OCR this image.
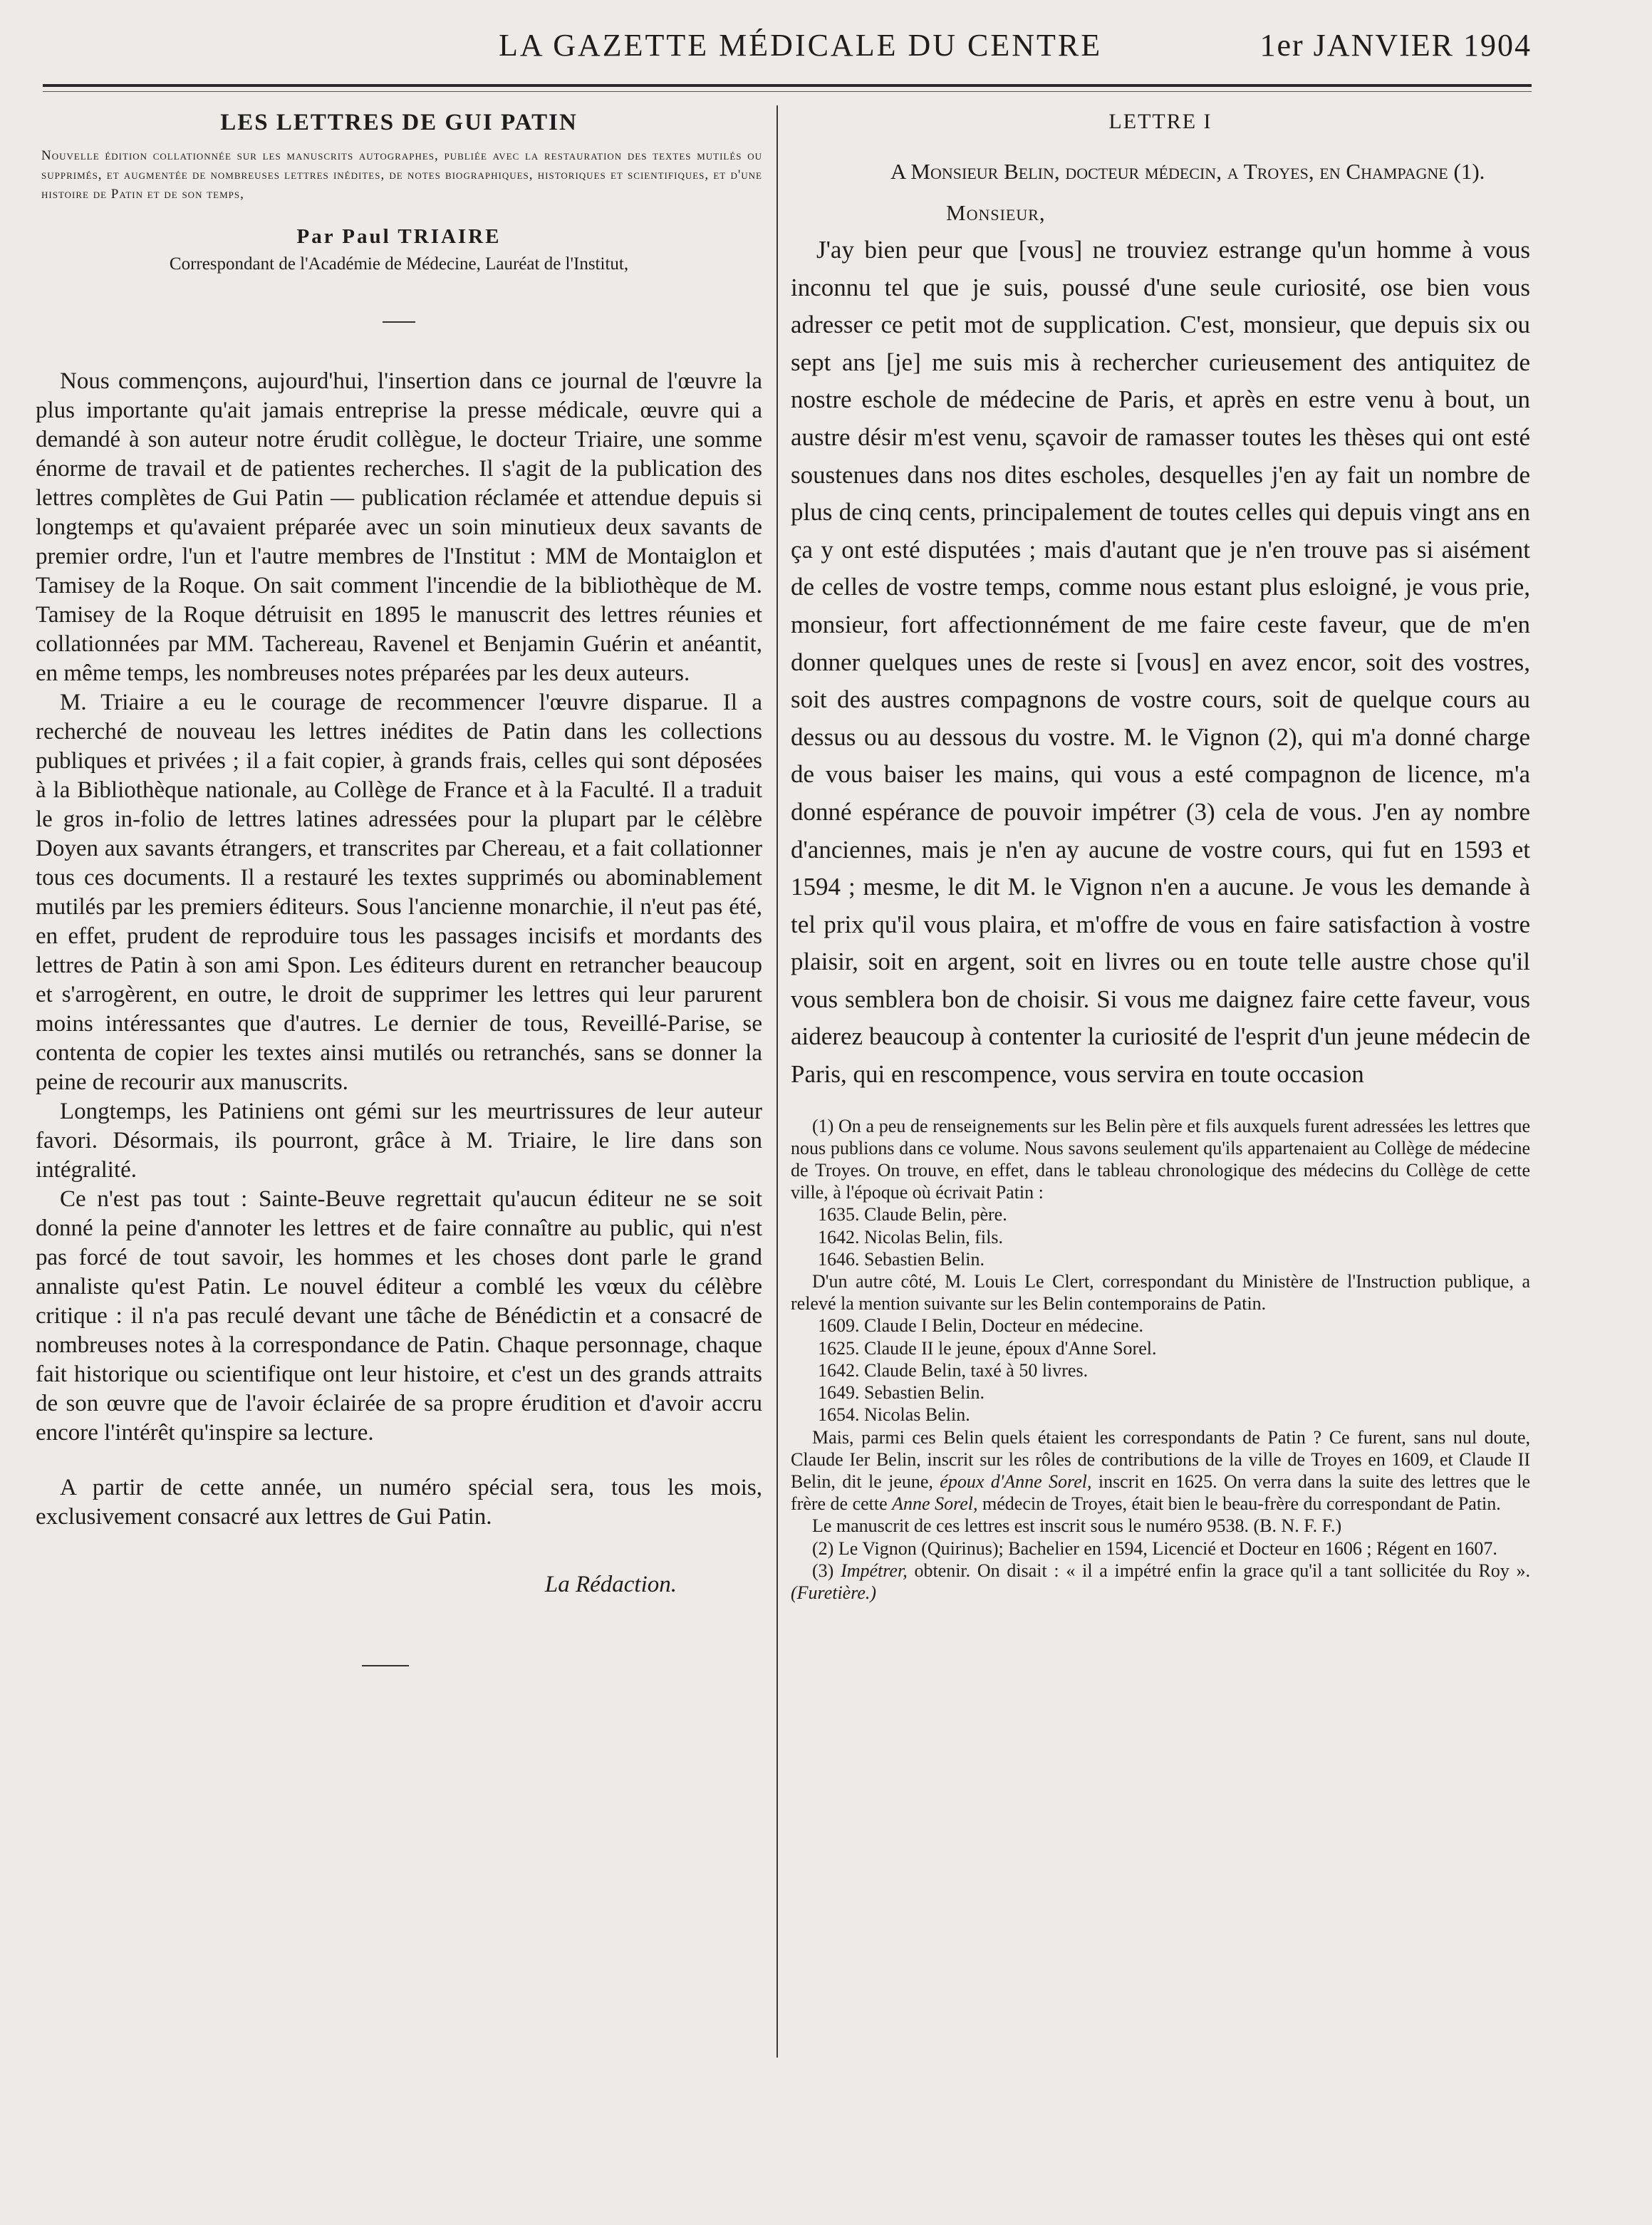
LA GAZETTE MÉDICALE DU CENTRE	1er JANVIER 1904
LES LETTRES DE GUI PATIN
Nouvelle édition collationnée sur les manuscrits autographes, publiée avec la restauration des textes mutilés ou supprimés, et augmentée de nombreuses lettres inédites, de notes biographiques, historiques et scientifiques, et d'une histoire de Patin et de son temps,
Par Paul TRIAIRE
Correspondant de l'Académie de Médecine, Lauréat de l'Institut,

Nous commençons, aujourd'hui, l'insertion dans ce journal de l'œuvre la plus importante qu'ait jamais entreprise la presse médicale, œuvre qui a demandé à son auteur notre érudit collègue, le docteur Triaire, une somme énorme de travail et de patientes recherches. Il s'agit de la publication des lettres complètes de Gui Patin — publication réclamée et attendue depuis si longtemps et qu'avaient préparée avec un soin minutieux deux savants de premier ordre, l'un et l'autre membres de l'Institut : MM de Montaiglon et Tamisey de la Roque. On sait comment l'incendie de la bibliothèque de M. Tamisey de la Roque détruisit en 1895 le manuscrit des lettres réunies et collationnées par MM. Tachereau, Ravenel et Benjamin Guérin et anéantit, en même temps, les nombreuses notes préparées par les deux auteurs.

M. Triaire a eu le courage de recommencer l'œuvre disparue. Il a recherché de nouveau les lettres inédites de Patin dans les collections publiques et privées ; il a fait copier, à grands frais, celles qui sont déposées à la Bibliothèque nationale, au Collège de France et à la Faculté. Il a traduit le gros in-folio de lettres latines adressées pour la plupart par le célèbre Doyen aux savants étrangers, et transcrites par Chereau, et a fait collationner tous ces documents. Il a restauré les textes supprimés ou abominablement mutilés par les premiers éditeurs. Sous l'ancienne monarchie, il n'eut pas été, en effet, prudent de reproduire tous les passages incisifs et mordants des lettres de Patin à son ami Spon. Les éditeurs durent en retrancher beaucoup et s'arrogèrent, en outre, le droit de supprimer les lettres qui leur parurent moins intéressantes que d'autres. Le dernier de tous, Reveillé-Parise, se contenta de copier les textes ainsi mutilés ou retranchés, sans se donner la peine de recourir aux manuscrits.

Longtemps, les Patiniens ont gémi sur les meurtrissures de leur auteur favori. Désormais, ils pourront, grâce à M. Triaire, le lire dans son intégralité.

Ce n'est pas tout : Sainte-Beuve regrettait qu'aucun éditeur ne se soit donné la peine d'annoter les lettres et de faire connaître au public, qui n'est pas forcé de tout savoir, les hommes et les choses dont parle le grand annaliste qu'est Patin. Le nouvel éditeur a comblé les vœux du célèbre critique : il n'a pas reculé devant une tâche de Bénédictin et a consacré de nombreuses notes à la correspondance de Patin. Chaque personnage, chaque fait historique ou scientifique ont leur histoire, et c'est un des grands attraits de son œuvre que de l'avoir éclairée de sa propre érudition et d'avoir accru encore l'intérêt qu'inspire sa lecture.

A partir de cette année, un numéro spécial sera, tous les mois, exclusivement consacré aux lettres de Gui Patin.

La Rédaction.
LETTRE I
A Monsieur Belin, docteur médecin, a Troyes, en Champagne (1).
Monsieur,

J'ay bien peur que [vous] ne trouviez estrange qu'un homme à vous inconnu tel que je suis, poussé d'une seule curiosité, ose bien vous adresser ce petit mot de supplication. C'est, monsieur, que depuis six ou sept ans [je] me suis mis à rechercher curieusement des antiquitez de nostre eschole de médecine de Paris, et après en estre venu à bout, un austre désir m'est venu, sçavoir de ramasser toutes les thèses qui ont esté soustenues dans nos dites escholes, desquelles j'en ay fait un nombre de plus de cinq cents, principalement de toutes celles qui depuis vingt ans en ça y ont esté disputées ; mais d'autant que je n'en trouve pas si aisément de celles de vostre temps, comme nous estant plus esloigné, je vous prie, monsieur, fort affectionnément de me faire ceste faveur, que de m'en donner quelques unes de reste si [vous] en avez encor, soit des vostres, soit des austres compagnons de vostre cours, soit de quelque cours au dessus ou au dessous du vostre. M. le Vignon (2), qui m'a donné charge de vous baiser les mains, qui vous a esté compagnon de licence, m'a donné espérance de pouvoir impétrer (3) cela de vous. J'en ay nombre d'anciennes, mais je n'en ay aucune de vostre cours, qui fut en 1593 et 1594 ; mesme, le dit M. le Vignon n'en a aucune. Je vous les demande à tel prix qu'il vous plaira, et m'offre de vous en faire satisfaction à vostre plaisir, soit en argent, soit en livres ou en toute telle austre chose qu'il vous semblera bon de choisir. Si vous me daignez faire cette faveur, vous aiderez beaucoup à contenter la curiosité de l'esprit d'un jeune médecin de Paris, qui en rescompence, vous servira en toute occasion

(1) On a peu de renseignements sur les Belin père et fils auxquels furent adressées les lettres que nous publions dans ce volume. Nous savons seulement qu'ils appartenaient au Collège de médecine de Troyes. On trouve, en effet, dans le tableau chronologique des médecins du Collège de cette ville, à l'époque où écrivait Patin :

1635. Claude Belin, père.
1642. Nicolas Belin, fils.
1646. Sebastien Belin.

D'un autre côté, M. Louis Le Clert, correspondant du Ministère de l'Instruction publique, a relevé la mention suivante sur les Belin contemporains de Patin.

1609. Claude I Belin, Docteur en médecine.
1625. Claude II le jeune, époux d'Anne Sorel.
1642. Claude Belin, taxé à 50 livres.
1649. Sebastien Belin.
1654. Nicolas Belin.

Mais, parmi ces Belin quels étaient les correspondants de Patin ? Ce furent, sans nul doute, Claude Ier Belin, inscrit sur les rôles de contributions de la ville de Troyes en 1609, et Claude II Belin, dit le jeune, époux d'Anne Sorel, inscrit en 1625. On verra dans la suite des lettres que le frère de cette Anne Sorel, médecin de Troyes, était bien le beau-frère du correspondant de Patin.

Le manuscrit de ces lettres est inscrit sous le numéro 9538. (B. N. F. F.)

(2) Le Vignon (Quirinus); Bachelier en 1594, Licencié et Docteur en 1606 ; Régent en 1607.

(3) Impétrer, obtenir. On disait : « il a impétré enfin la grace qu'il a tant sollicitée du Roy ». (Furetière.)
